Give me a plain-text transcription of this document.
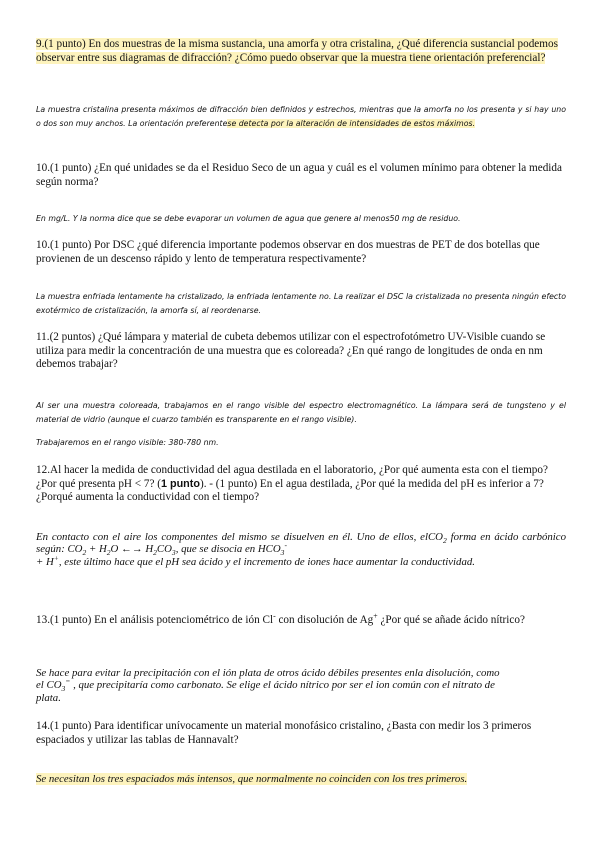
9.(1 punto) En dos muestras de la misma sustancia, una amorfa y otra cristalina, ¿Qué diferencia sustancial podemos observar entre sus diagramas de difracción? ¿Cómo puedo observar que la muestra tiene orientación preferencial?
La muestra cristalina presenta máximos de difracción bien definidos y estrechos, mientras que la amorfa no los presenta y si hay uno o dos son muy anchos. La orientación preferentese detecta por la alteración de intensidades de estos máximos.
10.(1 punto) ¿En qué unidades se da el Residuo Seco de un agua y cuál es el volumen mínimo para obtener la medida según norma?
En mg/L. Y la norma dice que se debe evaporar un volumen de agua que genere al menos50 mg de residuo.
10.(1 punto) Por DSC ¿qué diferencia importante podemos observar en dos muestras de PET de dos botellas que provienen de un descenso rápido y lento de temperatura respectivamente?
La muestra enfriada lentamente ha cristalizado, la enfriada lentamente no. La realizar el DSC la cristalizada no presenta ningún efecto exotérmico de cristalización, la amorfa sí, al reordenarse.
11.(2 puntos) ¿Qué lámpara y material de cubeta debemos utilizar con el espectrofotómetro UV-Visible cuando se utiliza para medir la concentración de una muestra que es coloreada? ¿En qué rango de longitudes de onda en nm debemos trabajar?
Al ser una muestra coloreada, trabajamos en el rango visible del espectro electromagnético. La lámpara será de tungsteno y el material de vidrio (aunque el cuarzo también es transparente en el rango visible).
Trabajaremos en el rango visible: 380-780 nm.
12.Al hacer la medida de conductividad del agua destilada en el laboratorio, ¿Por qué aumenta esta con el tiempo? ¿Por qué presenta pH < 7? (1 punto). - (1 punto) En el agua destilada, ¿Por qué la medida del pH es inferior a 7? ¿Porqué aumenta la conductividad con el tiempo?
En contacto con el aire los componentes del mismo se disuelven en él. Uno de ellos, elCO$_2$ forma en ácido carbónico según: $CO_2 + H_2O$ ←→ $H_2CO_3$, que se disocia en $HCO_3^-$
+ H+, este último hace que el pH sea ácido y el incremento de iones hace aumentar la conductividad.
13.(1 punto) En el análisis potenciométrico de ión Cl- con disolución de Ag+ ¿Por qué se añade ácido nítrico?
Se hace para evitar la precipitación con el ión plata de otros ácido débiles presentes enla disolución, como el $CO_3^=$ , que precipitaría como carbonato. Se elige el ácido nítrico por ser el ion común con el nitrato de plata.
14.(1 punto) Para identificar unívocamente un material monofásico cristalino, ¿Basta con medir los 3 primeros espaciados y utilizar las tablas de Hannavalt?
Se necesitan los tres espaciados más intensos, que normalmente no coinciden con los tres primeros.
